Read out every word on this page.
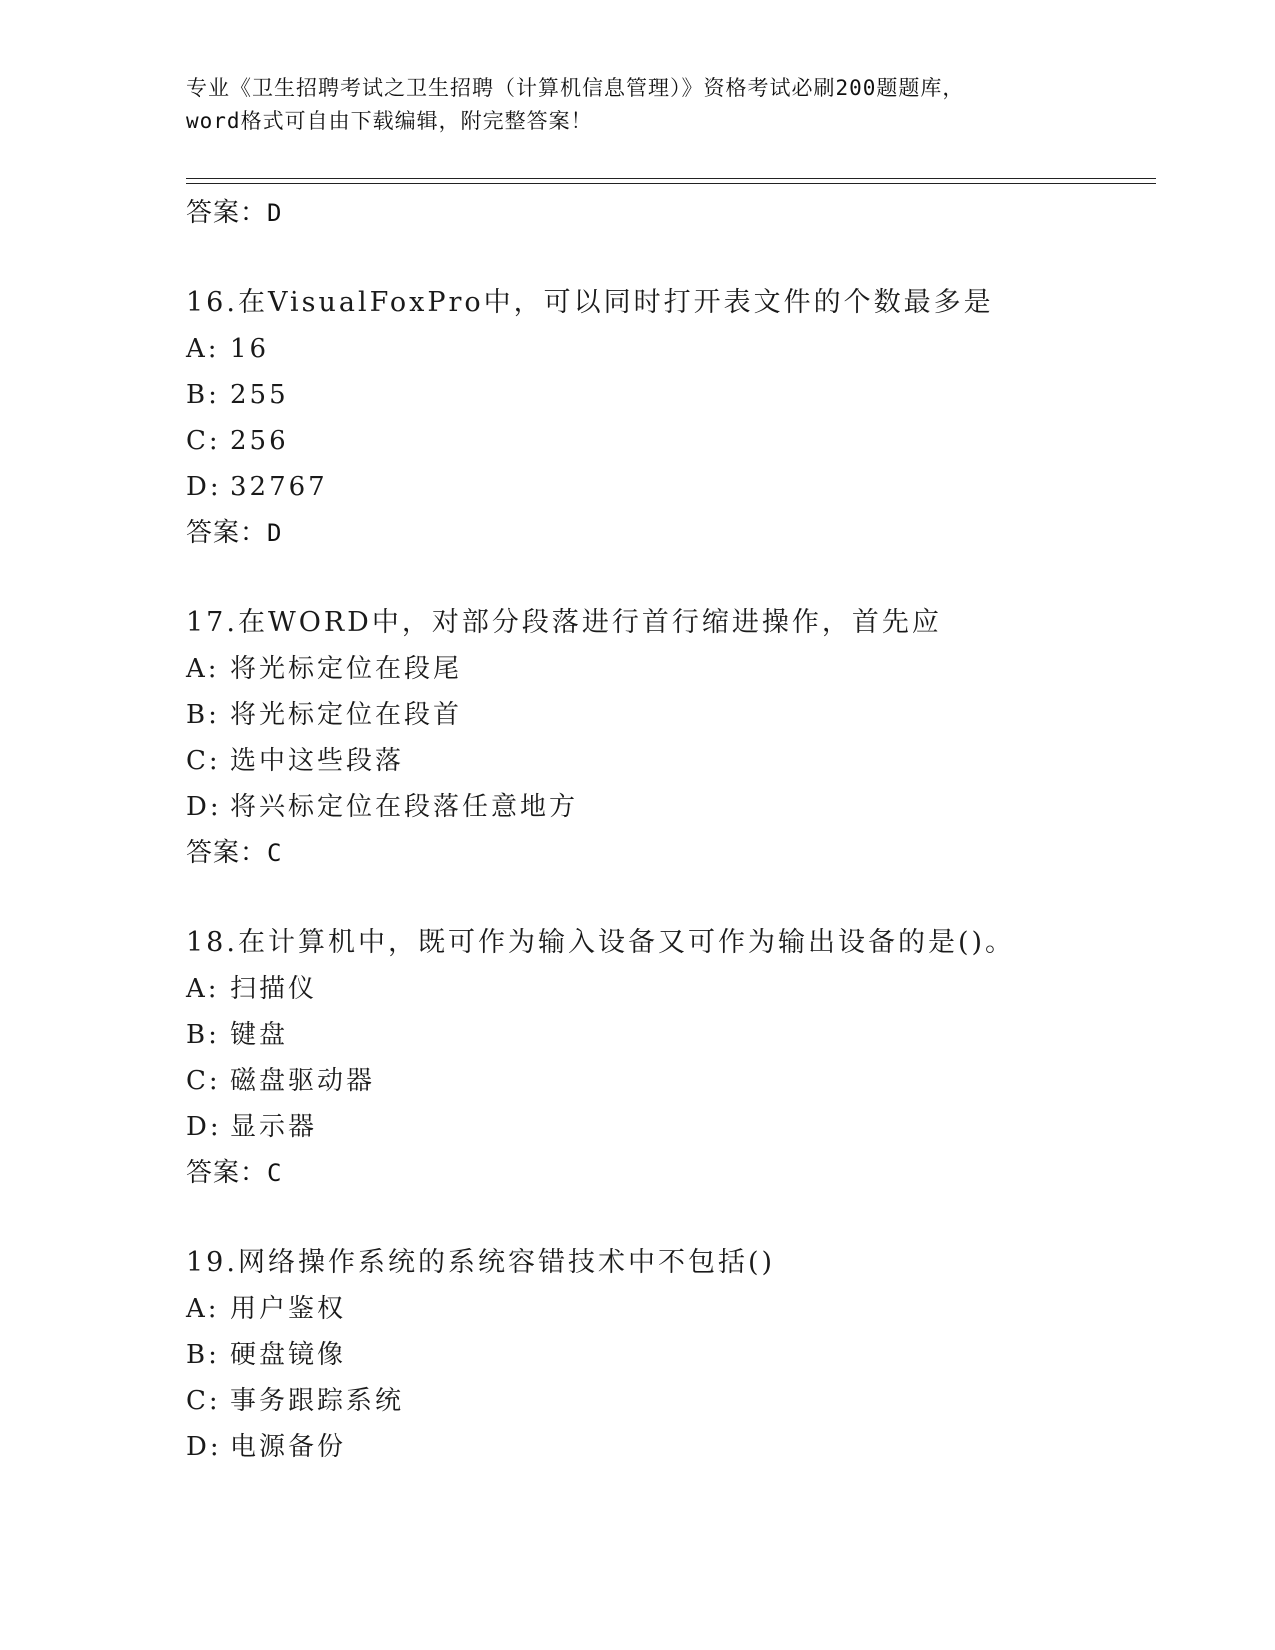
专业《卫生招聘考试之卫生招聘（计算机信息管理）》资格考试必刷200题题库，
word格式可自由下载编辑，附完整答案！
答案：D
16.在VisualFoxPro中，可以同时打开表文件的个数最多是
A: 16
B: 255
C: 256
D: 32767
答案：D
17.在WORD中，对部分段落进行首行缩进操作，首先应
A: 将光标定位在段尾
B: 将光标定位在段首
C: 选中这些段落
D: 将兴标定位在段落任意地方
答案：C
18.在计算机中，既可作为输入设备又可作为输出设备的是()。
A: 扫描仪
B: 键盘
C: 磁盘驱动器
D: 显示器
答案：C
19.网络操作系统的系统容错技术中不包括()
A: 用户鉴权
B: 硬盘镜像
C: 事务跟踪系统
D: 电源备份
